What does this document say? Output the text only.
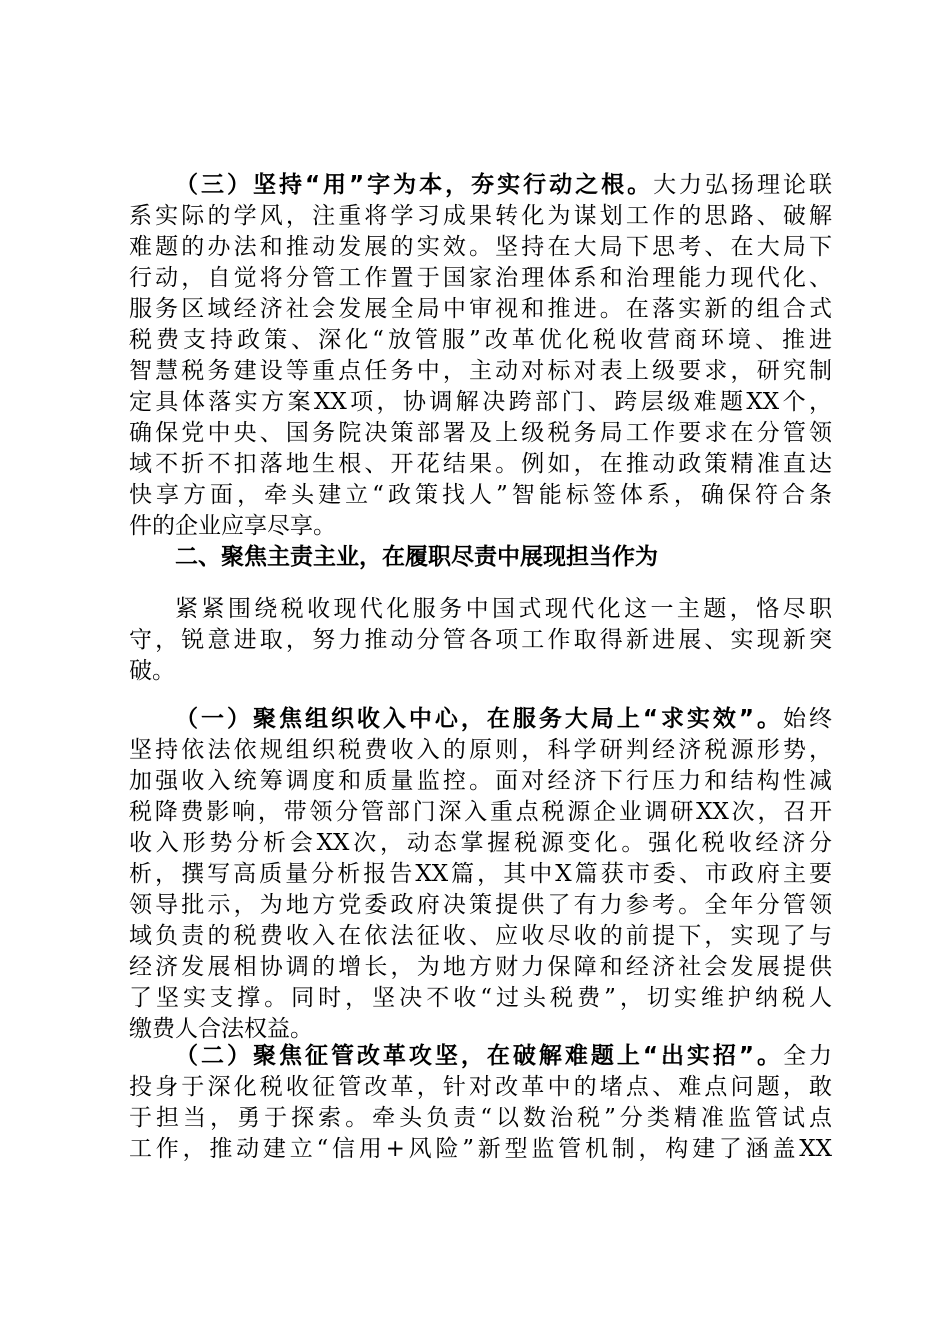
（三）坚持“用”字为本，夯实行动之根。大力弘扬理论联
系实际的学风，注重将学习成果转化为谋划工作的思路、破解
难题的办法和推动发展的实效。坚持在大局下思考、在大局下
行动，自觉将分管工作置于国家治理体系和治理能力现代化、
服务区域经济社会发展全局中审视和推进。在落实新的组合式
税费支持政策、深化“放管服”改革优化税收营商环境、推进
智慧税务建设等重点任务中，主动对标对表上级要求，研究制
定具体落实方案XX项，协调解决跨部门、跨层级难题XX个，
确保党中央、国务院决策部署及上级税务局工作要求在分管领
域不折不扣落地生根、开花结果。例如，在推动政策精准直达
快享方面，牵头建立“政策找人”智能标签体系，确保符合条
件的企业应享尽享。
二、聚焦主责主业，在履职尽责中展现担当作为
紧紧围绕税收现代化服务中国式现代化这一主题，恪尽职
守，锐意进取，努力推动分管各项工作取得新进展、实现新突
破。
（一）聚焦组织收入中心，在服务大局上“求实效”。始终
坚持依法依规组织税费收入的原则，科学研判经济税源形势，
加强收入统筹调度和质量监控。面对经济下行压力和结构性减
税降费影响，带领分管部门深入重点税源企业调研XX次，召开
收入形势分析会XX次，动态掌握税源变化。强化税收经济分
析，撰写高质量分析报告XX篇，其中X篇获市委、市政府主要
领导批示，为地方党委政府决策提供了有力参考。全年分管领
域负责的税费收入在依法征收、应收尽收的前提下，实现了与
经济发展相协调的增长，为地方财力保障和经济社会发展提供
了坚实支撑。同时，坚决不收“过头税费”，切实维护纳税人
缴费人合法权益。
（二）聚焦征管改革攻坚，在破解难题上“出实招”。全力
投身于深化税收征管改革，针对改革中的堵点、难点问题，敢
于担当，勇于探索。牵头负责“以数治税”分类精准监管试点
工作，推动建立“信用+风险”新型监管机制，构建了涵盖XX
